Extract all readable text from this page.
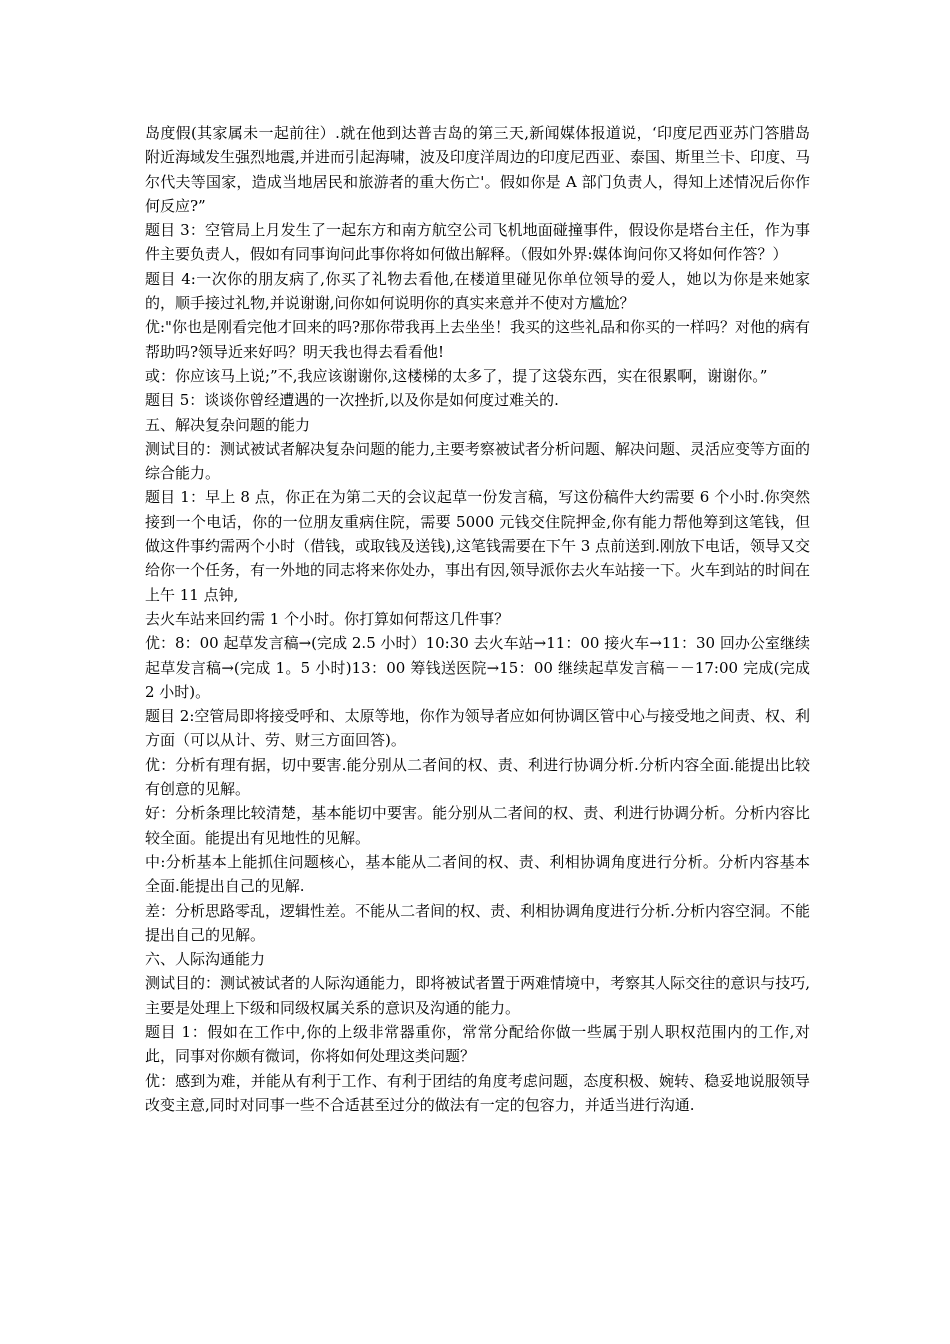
岛度假(其家属未一起前往）.就在他到达普吉岛的第三天,新闻媒体报道说，‘印度尼西亚苏门答腊岛附近海域发生强烈地震,并进而引起海啸，波及印度洋周边的印度尼西亚、泰国、斯里兰卡、印度、马尔代夫等国家，造成当地居民和旅游者的重大伤亡'。假如你是 A 部门负责人，得知上述情况后你作何反应?”

题目 3：空管局上月发生了一起东方和南方航空公司飞机地面碰撞事件，假设你是塔台主任，作为事件主要负责人，假如有同事询问此事你将如何做出解释。（假如外界:媒体询问你又将如何作答？）

题目 4:一次你的朋友病了,你买了礼物去看他,在楼道里碰见你单位领导的爱人，她以为你是来她家的，顺手接过礼物,并说谢谢,问你如何说明你的真实来意并不使对方尴尬？

优:"你也是刚看完他才回来的吗?那你带我再上去坐坐！我买的这些礼品和你买的一样吗？对他的病有帮助吗?领导近来好吗？明天我也得去看看他!

或：你应该马上说;”不,我应该谢谢你,这楼梯的太多了，提了这袋东西，实在很累啊，谢谢你。”

题目 5：谈谈你曾经遭遇的一次挫折,以及你是如何度过难关的.

五、解决复杂问题的能力

测试目的：测试被试者解决复杂问题的能力,主要考察被试者分析问题、解决问题、灵活应变等方面的综合能力。

题目 1：早上 8 点，你正在为第二天的会议起草一份发言稿，写这份稿件大约需要 6 个小时.你突然接到一个电话，你的一位朋友重病住院，需要 5000 元钱交住院押金,你有能力帮他筹到这笔钱，但做这件事约需两个小时（借钱，或取钱及送钱),这笔钱需要在下午 3 点前送到.刚放下电话，领导又交给你一个任务，有一外地的同志将来你处办，事出有因,领导派你去火车站接一下。火车到站的时间在上午 11 点钟,

去火车站来回约需 1 个小时。你打算如何帮这几件事？

优：8：00 起草发言稿→(完成 2.5 小时）10:30 去火车站→11：00 接火车→11：30 回办公室继续起草发言稿→(完成 1。5 小时)13：00 筹钱送医院→15：00 继续起草发言稿－－17:00 完成(完成 2 小时)。

题目 2:空管局即将接受呼和、太原等地，你作为领导者应如何协调区管中心与接受地之间责、权、利方面（可以从计、劳、财三方面回答)。

优：分析有理有据，切中要害.能分别从二者间的权、责、利进行协调分析.分析内容全面.能提出比较有创意的见解。

好：分析条理比较清楚，基本能切中要害。能分别从二者间的权、责、利进行协调分析。分析内容比较全面。能提出有见地性的见解。

中:分析基本上能抓住问题核心，基本能从二者间的权、责、利相协调角度进行分析。分析内容基本全面.能提出自己的见解.

差：分析思路零乱，逻辑性差。不能从二者间的权、责、利相协调角度进行分析.分析内容空洞。不能提出自己的见解。

六、人际沟通能力

测试目的：测试被试者的人际沟通能力，即将被试者置于两难情境中，考察其人际交往的意识与技巧,主要是处理上下级和同级权属关系的意识及沟通的能力。

题目 1：假如在工作中,你的上级非常器重你，常常分配给你做一些属于别人职权范围内的工作,对此，同事对你颇有微词，你将如何处理这类问题？

优：感到为难，并能从有利于工作、有利于团结的角度考虑问题，态度积极、婉转、稳妥地说服领导改变主意,同时对同事一些不合适甚至过分的做法有一定的包容力，并适当进行沟通.
